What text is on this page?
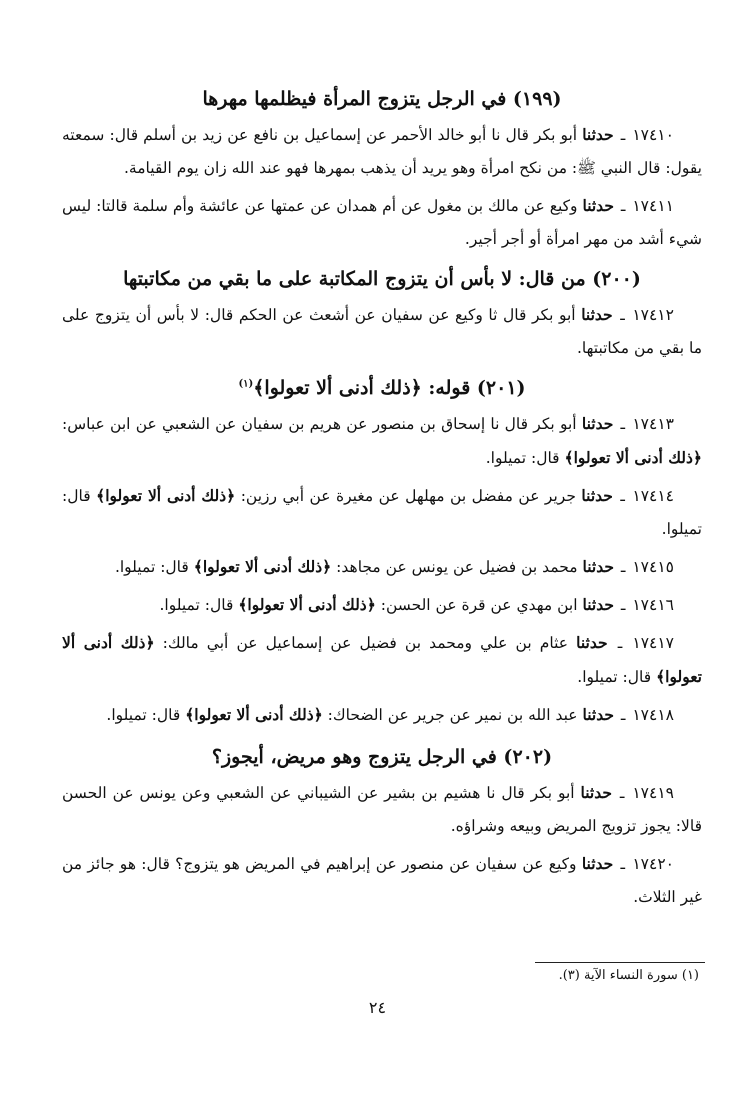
(١٩٩) في الرجل يتزوج المرأة فيظلمها مهرها

١٧٤١٠ ـ حدثنا أبو بكر قال نا أبو خالد الأحمر عن إسماعيل بن نافع عن زيد بن أسلم قال: سمعته يقول: قال النبي ﷺ: من نكح امرأة وهو يريد أن يذهب بمهرها فهو عند الله زان يوم القيامة.

١٧٤١١ ـ حدثنا وكيع عن مالك بن مغول عن أم همدان عن عمتها عن عائشة وأم سلمة قالتا: ليس شيء أشد من مهر امرأة أو أجر أجير.

(٢٠٠) من قال: لا بأس أن يتزوج المكاتبة على ما بقي من مكاتبتها

١٧٤١٢ ـ حدثنا أبو بكر قال ثا وكيع عن سفيان عن أشعث عن الحكم قال: لا بأس أن يتزوج على ما بقي من مكاتبتها.

(٢٠١) قوله: ﴿ذلك أدنى ألا تعولوا﴾$^{(١)}$

١٧٤١٣ ـ حدثنا أبو بكر قال نا إسحاق بن منصور عن هريم بن سفيان عن الشعبي عن ابن عباس: ﴿ذلك أدنى ألا تعولوا﴾ قال: تميلوا.

١٧٤١٤ ـ حدثنا جرير عن مفضل بن مهلهل عن مغيرة عن أبي رزين: ﴿ذلك أدنى ألا تعولوا﴾ قال: تميلوا.

١٧٤١٥ ـ حدثنا محمد بن فضيل عن يونس عن مجاهد: ﴿ذلك أدنى ألا تعولوا﴾ قال: تميلوا.

١٧٤١٦ ـ حدثنا ابن مهدي عن قرة عن الحسن: ﴿ذلك أدنى ألا تعولوا﴾ قال: تميلوا.

١٧٤١٧ ـ حدثنا عثام بن علي ومحمد بن فضيل عن إسماعيل عن أبي مالك: ﴿ذلك أدنى ألا تعولوا﴾ قال: تميلوا.

١٧٤١٨ ـ حدثنا عبد الله بن نمير عن جرير عن الضحاك: ﴿ذلك أدنى ألا تعولوا﴾ قال: تميلوا.

(٢٠٢) في الرجل يتزوج وهو مريض، أيجوز؟

١٧٤١٩ ـ حدثنا أبو بكر قال نا هشيم بن بشير عن الشيباني عن الشعبي وعن يونس عن الحسن قالا: يجوز تزويج المريض وبيعه وشراؤه.

١٧٤٢٠ ـ حدثنا وكيع عن سفيان عن منصور عن إبراهيم في المريض هو يتزوج؟ قال: هو جائز من غير الثلاث.

(١) سورة النساء الآية (٣).
٢٤
